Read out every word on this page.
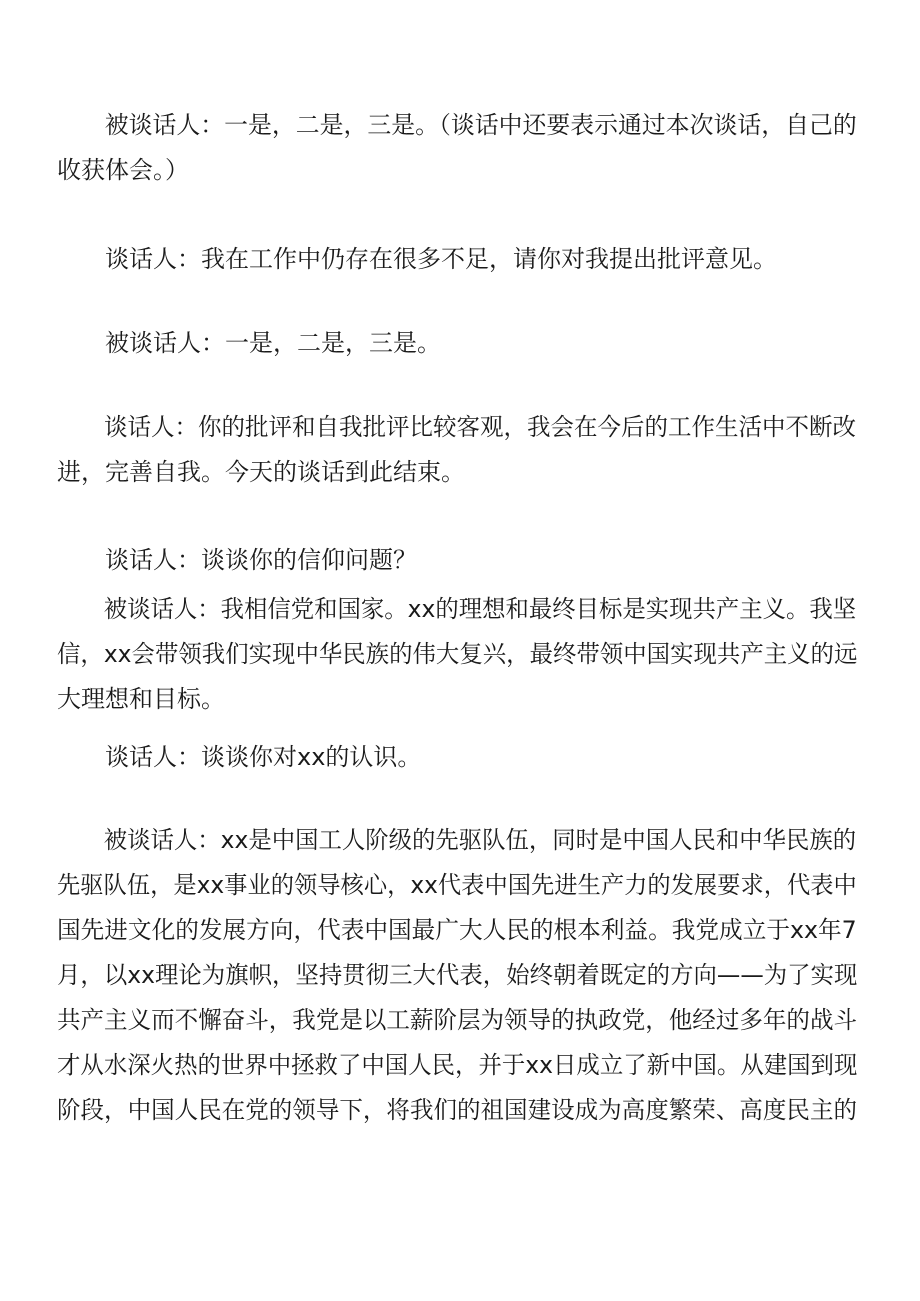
被谈话人：一是，二是，三是。（谈话中还要表示通过本次谈话，自己的
收获体会。）

谈话人：我在工作中仍存在很多不足，请你对我提出批评意见。

被谈话人：一是，二是，三是。

谈话人：你的批评和自我批评比较客观，我会在今后的工作生活中不断改
进，完善自我。今天的谈话到此结束。

谈话人：谈谈你的信仰问题？

被谈话人：我相信党和国家。xx的理想和最终目标是实现共产主义。我坚
信，xx会带领我们实现中华民族的伟大复兴，最终带领中国实现共产主义的远
大理想和目标。

谈话人：谈谈你对xx的认识。

被谈话人：xx是中国工人阶级的先驱队伍，同时是中国人民和中华民族的
先驱队伍，是xx事业的领导核心，xx代表中国先进生产力的发展要求，代表中
国先进文化的发展方向，代表中国最广大人民的根本利益。我党成立于xx年7
月，以xx理论为旗帜，坚持贯彻三大代表，始终朝着既定的方向——为了实现
共产主义而不懈奋斗，我党是以工薪阶层为领导的执政党，他经过多年的战斗
才从水深火热的世界中拯救了中国人民，并于xx日成立了新中国。从建国到现
阶段，中国人民在党的领导下，将我们的祖国建设成为高度繁荣、高度民主的
